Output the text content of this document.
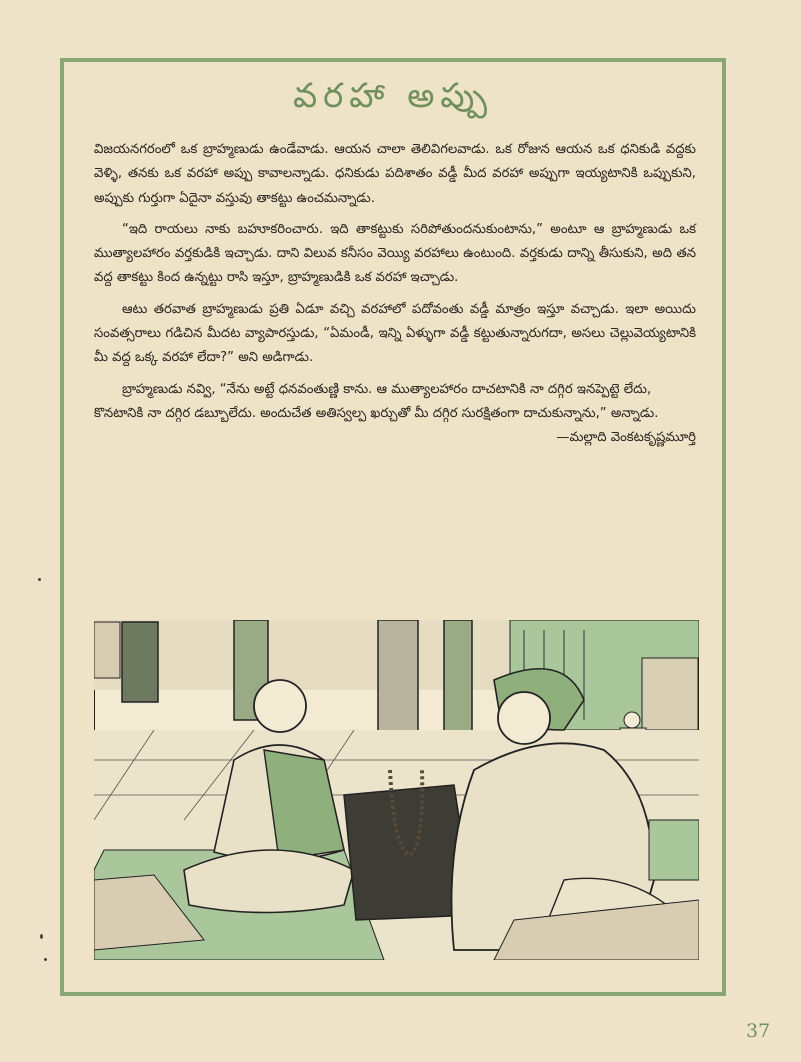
వరహా అప్పు

విజయనగరంలో ఒక బ్రాహ్మణుడు ఉండేవాడు. ఆయన చాలా తెలివిగలవాడు. ఒక రోజున ఆయన ఒక ధనికుడి వద్దకు వెళ్ళి, తనకు ఒక వరహా అప్పు కావాలన్నాడు. ధనికుడు పదిశాతం వడ్డీ మీద వరహా అప్పుగా ఇయ్యటానికి ఒప్పుకుని, అప్పుకు గుర్తుగా ఏదైనా వస్తువు తాకట్టు ఉంచమన్నాడు.

“ఇది రాయలు నాకు బహూకరించారు. ఇది తాకట్టుకు సరిపోతుందనుకుంటాను,” అంటూ ఆ బ్రాహ్మణుడు ఒక ముత్యాలహారం వర్తకుడికి ఇచ్చాడు. దాని విలువ కనీసం వెయ్యి వరహాలు ఉంటుంది. వర్తకుడు దాన్ని తీసుకుని, అది తన వద్ద తాకట్టు కింద ఉన్నట్టు రాసి ఇస్తూ, బ్రాహ్మణుడికి ఒక వరహా ఇచ్చాడు.

ఆటు తరవాత బ్రాహ్మణుడు ప్రతి ఏడూ వచ్చి వరహాలో పదోవంతు వడ్డీ మాత్రం ఇస్తూ వచ్చాడు. ఇలా అయిదు సంవత్సరాలు గడిచిన మీదట వ్యాపారస్తుడు, “ఏమండీ, ఇన్ని ఏళ్ళుగా వడ్డీ కట్టుతున్నారుగదా, అసలు చెల్లువెయ్యటానికి మీ వద్ద ఒక్క వరహా లేదా?” అని అడిగాడు.

బ్రాహ్మణుడు నవ్వి, “నేను అట్టే ధనవంతుణ్ణి కాను. ఆ ముత్యాలహారం దాచటానికి నా దగ్గిర ఇనప్పెట్టె లేదు, కొనటానికి నా దగ్గిర డబ్బూలేదు. అందుచేత అతిస్వల్ప ఖర్చుతో మీ దగ్గిర సురక్షితంగా దాచుకున్నాను,” అన్నాడు.
—మల్లాది వెంకటకృష్ణమూర్తి

37
